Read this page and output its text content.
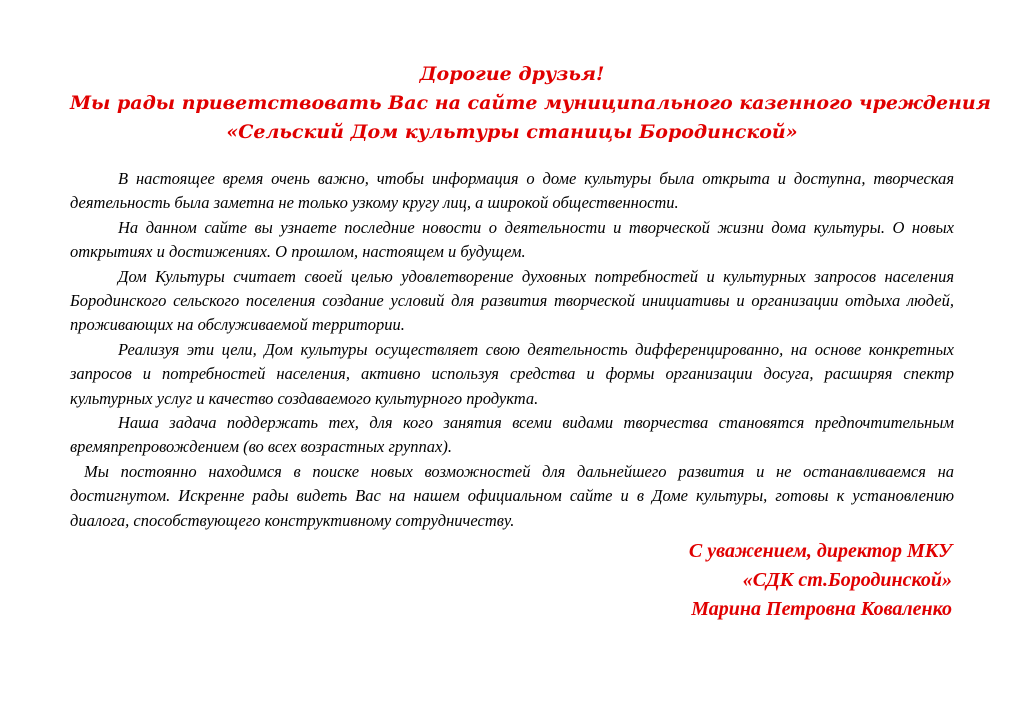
Дорогие друзья!
Мы рады приветствовать Вас на сайте муниципального казенного чреждения
«Сельский Дом культуры станицы Бородинской»

В настоящее время очень важно, чтобы информация о доме культуры была открыта и доступна, творческая деятельность была заметна не только узкому кругу лиц, а широкой общественности.

На данном сайте вы узнаете последние новости о деятельности и творческой жизни дома культуры. О новых открытиях и достижениях. О прошлом, настоящем и будущем.

Дом Культуры считает своей целью удовлетворение духовных потребностей и культурных запросов населения Бородинского сельского поселения создание условий для развития творческой инициативы и организации отдыха людей, проживающих на обслуживаемой территории.

Реализуя эти цели, Дом культуры осуществляет свою деятельность дифференцированно, на основе конкретных запросов и потребностей населения, активно используя средства и формы организации досуга, расширяя спектр культурных услуг и качество создаваемого культурного продукта.

Наша задача поддержать тех, для кого занятия всеми видами творчества становятся предпочтительным времяпрепровождением (во всех возрастных группах).

Мы постоянно находимся в поиске новых возможностей для дальнейшего развития и не останавливаемся на достигнутом. Искренне рады видеть Вас на нашем официальном сайте и в Доме культуры, готовы к установлению диалога, способствующего конструктивному сотрудничеству.

С уважением, директор МКУ
«СДК ст.Бородинской»
Марина Петровна Коваленко
